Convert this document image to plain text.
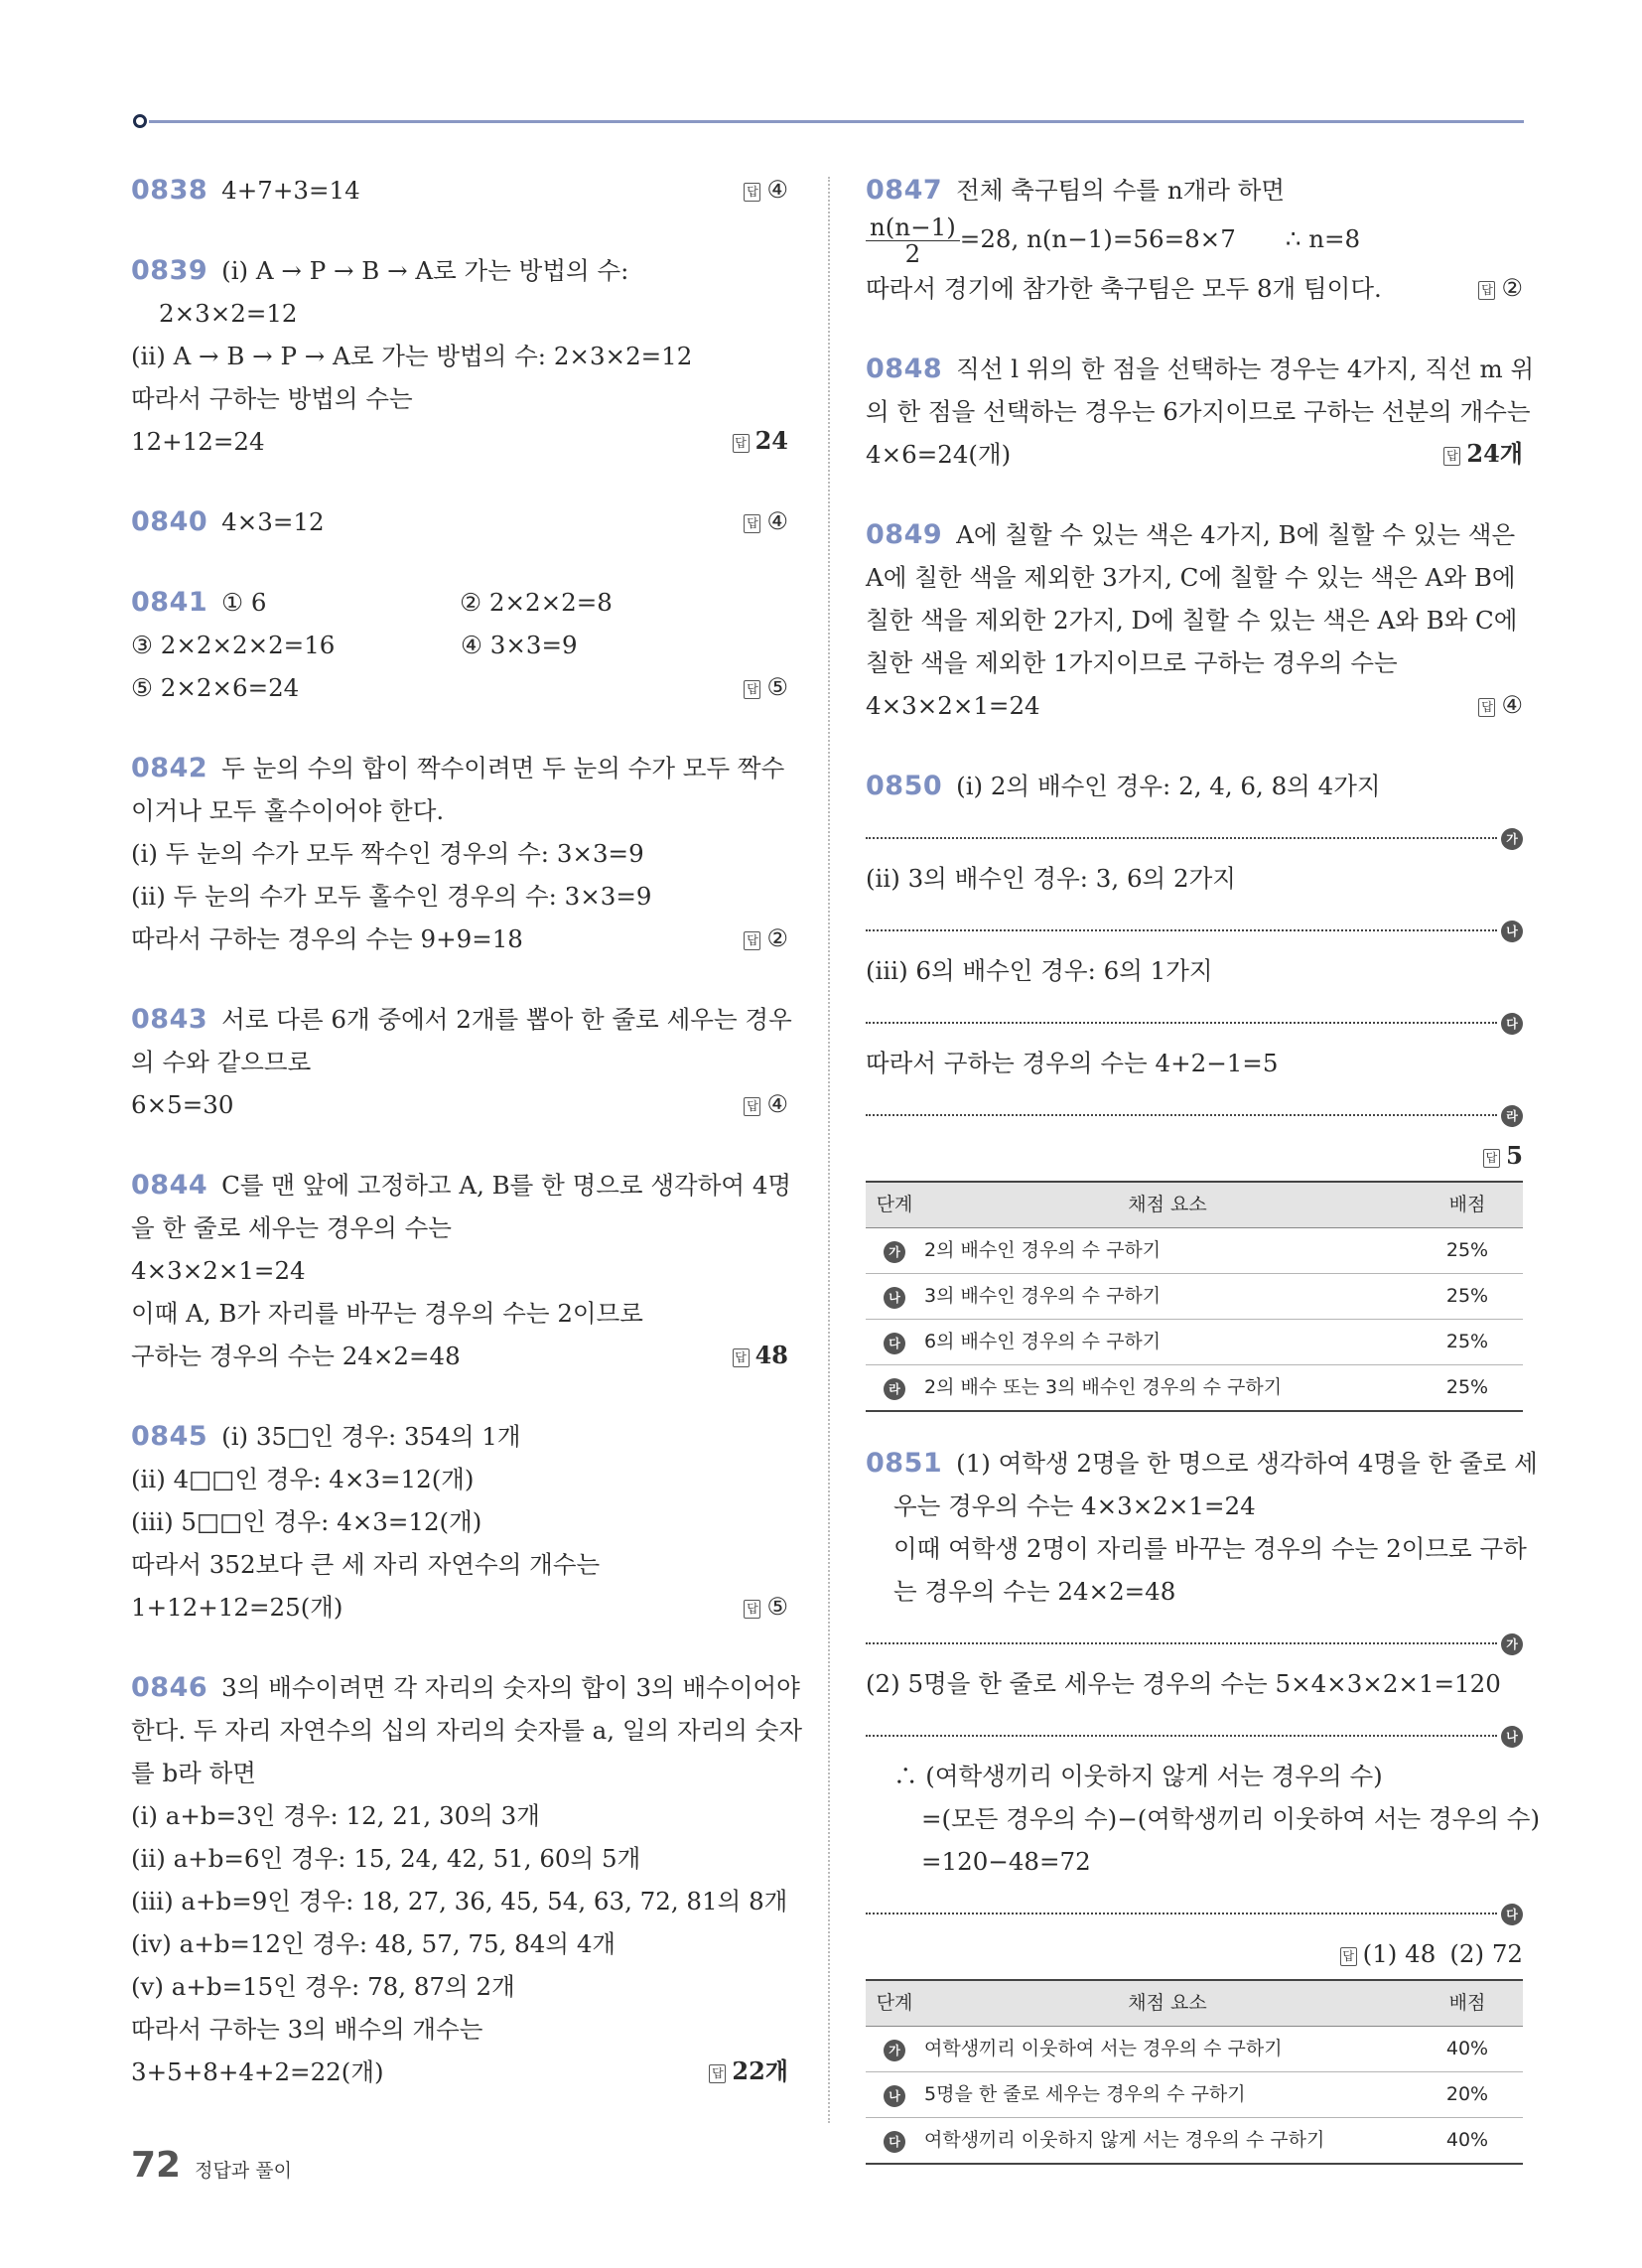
0838 4+7+3=14	답 ④
0839 (ⅰ) A → P → B → A로 가는 방법의 수:
2×3×2=12
(ⅱ) A → B → P → A로 가는 방법의 수: 2×3×2=12
따라서 구하는 방법의 수는
12+12=24	답 24
0840 4×3=12	답 ④
0841 ① 6	② 2×2×2=8
③ 2×2×2×2=16	④ 3×3=9
⑤ 2×2×6=24	답 ⑤
0842 두 눈의 수의 합이 짝수이려면 두 눈의 수가 모두 짝수
이거나 모두 홀수이어야 한다.
(ⅰ) 두 눈의 수가 모두 짝수인 경우의 수: 3×3=9
(ⅱ) 두 눈의 수가 모두 홀수인 경우의 수: 3×3=9
따라서 구하는 경우의 수는 9+9=18	답 ②
0843 서로 다른 6개 중에서 2개를 뽑아 한 줄로 세우는 경우
의 수와 같으므로
6×5=30	답 ④
0844 C를 맨 앞에 고정하고 A, B를 한 명으로 생각하여 4명
을 한 줄로 세우는 경우의 수는
4×3×2×1=24
이때 A, B가 자리를 바꾸는 경우의 수는 2이므로
구하는 경우의 수는 24×2=48	답 48
0845 (ⅰ) 35□인 경우: 354의 1개
(ⅱ) 4□□인 경우: 4×3=12(개)
(ⅲ) 5□□인 경우: 4×3=12(개)
따라서 352보다 큰 세 자리 자연수의 개수는
1+12+12=25(개)	답 ⑤
0846 3의 배수이려면 각 자리의 숫자의 합이 3의 배수이어야
한다. 두 자리 자연수의 십의 자리의 숫자를 a, 일의 자리의 숫자
를 b라 하면
(ⅰ) a+b=3인 경우: 12, 21, 30의 3개
(ⅱ) a+b=6인 경우: 15, 24, 42, 51, 60의 5개
(ⅲ) a+b=9인 경우: 18, 27, 36, 45, 54, 63, 72, 81의 8개
(ⅳ) a+b=12인 경우: 48, 57, 75, 84의 4개
(ⅴ) a+b=15인 경우: 78, 87의 2개
따라서 구하는 3의 배수의 개수는
3+5+8+4+2=22(개)	답 22개
0847 전체 축구팀의 수를 n개라 하면
$\frac{n(n-1)}{2} =28$, n(n−1)=56=8×7 ∴ n=8
따라서 경기에 참가한 축구팀은 모두 8개 팀이다.	답 ②
0848 직선 l 위의 한 점을 선택하는 경우는 4가지, 직선 m 위
의 한 점을 선택하는 경우는 6가지이므로 구하는 선분의 개수는
4×6=24(개)	답 24개
0849 A에 칠할 수 있는 색은 4가지, B에 칠할 수 있는 색은
A에 칠한 색을 제외한 3가지, C에 칠할 수 있는 색은 A와 B에
칠한 색을 제외한 2가지, D에 칠할 수 있는 색은 A와 B와 C에
칠한 색을 제외한 1가지이므로 구하는 경우의 수는
4×3×2×1=24	답 ④
0850 (ⅰ) 2의 배수인 경우: 2, 4, 6, 8의 4가지
가
(ⅱ) 3의 배수인 경우: 3, 6의 2가지
나
(ⅲ) 6의 배수인 경우: 6의 1가지
다
따라서 구하는 경우의 수는 4+2−1=5
라
답 5
단계	채점 요소	배점
가	2의 배수인 경우의 수 구하기	25%
나	3의 배수인 경우의 수 구하기	25%
다	6의 배수인 경우의 수 구하기	25%
라	2의 배수 또는 3의 배수인 경우의 수 구하기	25%
0851 (1) 여학생 2명을 한 명으로 생각하여 4명을 한 줄로 세
우는 경우의 수는 4×3×2×1=24
이때 여학생 2명이 자리를 바꾸는 경우의 수는 2이므로 구하
는 경우의 수는 24×2=48
가
(2) 5명을 한 줄로 세우는 경우의 수는 5×4×3×2×1=120
나
∴ (여학생끼리 이웃하지 않게 서는 경우의 수)
=(모든 경우의 수)−(여학생끼리 이웃하여 서는 경우의 수)
=120−48=72
다
답 (1) 48 (2) 72
단계	채점 요소	배점
가	여학생끼리 이웃하여 서는 경우의 수 구하기	40%
나	5명을 한 줄로 세우는 경우의 수 구하기	20%
다	여학생끼리 이웃하지 않게 서는 경우의 수 구하기	40%
72 정답과 풀이
